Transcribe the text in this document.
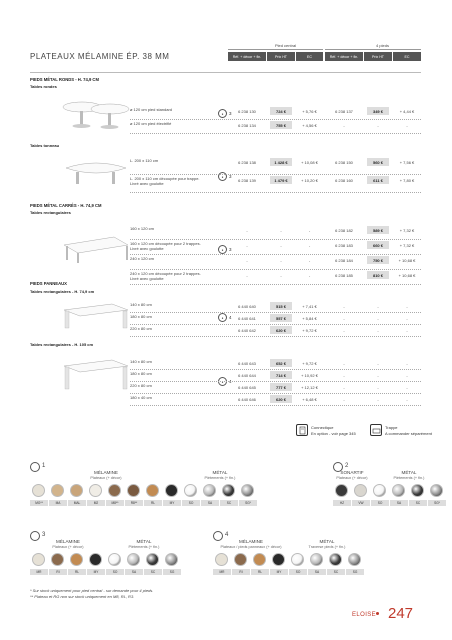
PLATEAUX MÉLAMINE ÉP. 38 MM
Pied central	4 pieds
Réf. + décor + fin.	Prix HT	EC	Réf. + décor + fin.	Prix HT	EC
PIEDS MÉTAL RONDS - H. 74,9 CM
Tables rondes
●	3
ø 120 cm pied standard	6 238 130	724 €	+ 5,76 €	6 238 137	349 €	+ 4,44 €
ø 120 cm pied électrifié	6 238 134	755 €	+ 4,56 €	-	-	-
Tables tonneau
●	3
L. 200 x 110 cm	6 238 138	1 428 €	+ 10,08 €	6 238 150	560 €	+ 7,56 €
L. 200 x 110 cm découpée pour trappe.
Livré avec goulotte
6 238 139	1 479 €	+ 10,20 €	6 238 160	611 €	+ 7,80 €
PIEDS MÉTAL CARRÉS - H. 74,9 CM
Tables rectangulaires
●	3
160 x 120 cm	-	-	-	6 238 182	589 €	+ 7,32 €
160 x 120 cm découpée pour 2 trappes.
Livré avec goulotte
-	-	-	6 238 183	660 €	+ 7,32 €
240 x 120 cm	-	-	-	6 238 184	750 €	+ 10,68 €
240 x 120 cm découpée pour 2 trappes.
Livré avec goulotte
-	-	-	6 238 185	810 €	+ 10,68 €
PIEDS PANNEAUX
Tables rectangulaires - H. 74,9 cm
●	4
140 x 80 cm	6 440 640	515 €	+ 7,41 €	-	-	-
180 x 80 cm	6 440 641	557 €	+ 5,84 €	-	-	-
220 x 80 cm	6 440 642	620 €	+ 9,72 €	-	-	-
Tables rectangulaires - H. 105 cm
●	4
140 x 80 cm	6 440 643	652 €	+ 9,72 €	-	-	-
180 x 80 cm	6 440 644	714 €	+ 10,92 €	-	-	-
220 x 80 cm	6 440 645	777 €	+ 12,12 €	-	-	-
180 x 40 cm	6 440 646	620 €	+ 6,48 €	-	-	-
Connectique
En option - voir page 345
Trappe
A commander séparément
1
MÉLAMINE
Plateaux (+ décor)
MÉTAL
Piètements (+ fin.)
MG**	MA	MAL	M2	M8**	R8**	RL	MY	SO	SA	SC	SG*
2
SONARTIF
Plateaux (+ décor)
MÉTAL
Piètements (+ fin.)
HZ	VW	SO	SA	SC	SG*
3
MÉLAMINE
Plateaux (+ décor)
MÉTAL
Piètements (+ fin.)
MR	RI	RL	MY	SO	SA	SC	SG
4
MÉLAMINE
Plateaux / pieds panneaux (+ décor)
MÉTAL
Traverse pieds (+ fin.)
MR	RI	RL	MY	SO	SA	SC	SG
* Sur stock uniquement pour pied central - sur demande pour 4 pieds.
** Plateau et RG non sur stock uniquement en M8, RL, R3.
ELOISE 247
